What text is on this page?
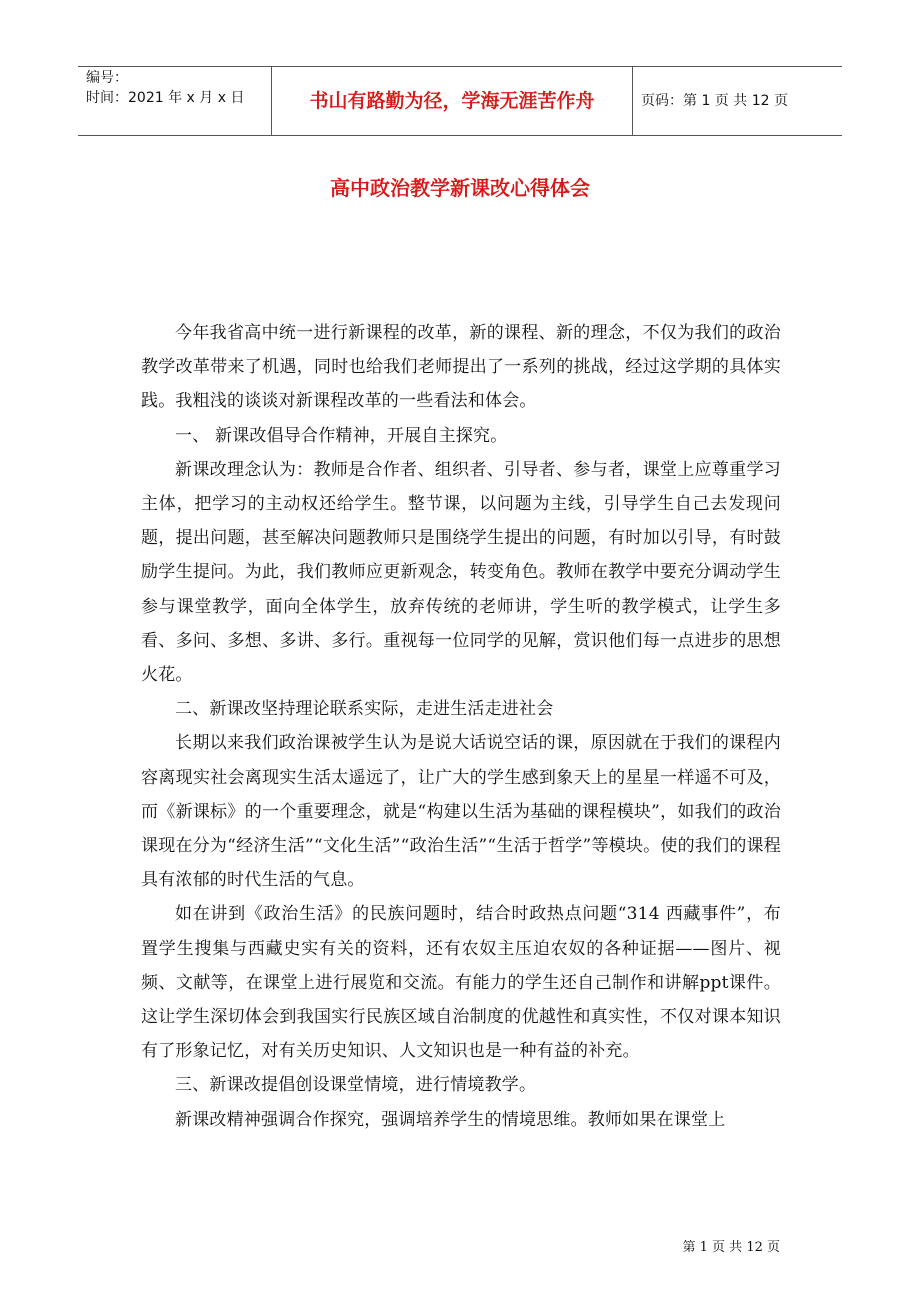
编号：
时间：2021 年 x 月 x 日	书山有路勤为径，学海无涯苦作舟	页码：第 1 页 共 12 页
高中政治教学新课改心得体会

今年我省高中统一进行新课程的改革，新的课程、新的理念，不仅为我们的政治教学改革带来了机遇，同时也给我们老师提出了一系列的挑战，经过这学期的具体实践。我粗浅的谈谈对新课程改革的一些看法和体会。

一、 新课改倡导合作精神，开展自主探究。

新课改理念认为：教师是合作者、组织者、引导者、参与者，课堂上应尊重学习主体，把学习的主动权还给学生。整节课，以问题为主线，引导学生自己去发现问题，提出问题，甚至解决问题教师只是围绕学生提出的问题，有时加以引导，有时鼓励学生提问。为此，我们教师应更新观念，转变角色。教师在教学中要充分调动学生参与课堂教学，面向全体学生，放弃传统的老师讲，学生听的教学模式，让学生多看、多问、多想、多讲、多行。重视每一位同学的见解，赏识他们每一点进步的思想火花。

二、新课改坚持理论联系实际，走进生活走进社会

长期以来我们政治课被学生认为是说大话说空话的课，原因就在于我们的课程内容离现实社会离现实生活太遥远了，让广大的学生感到象天上的星星一样遥不可及，而《新课标》的一个重要理念，就是“构建以生活为基础的课程模块”，如我们的政治课现在分为“经济生活”“文化生活”“政治生活”“生活于哲学”等模块。使的我们的课程具有浓郁的时代生活的气息。

如在讲到《政治生活》的民族问题时，结合时政热点问题“314 西藏事件”，布置学生搜集与西藏史实有关的资料，还有农奴主压迫农奴的各种证据——图片、视频、文献等，在课堂上进行展览和交流。有能力的学生还自己制作和讲解ppt课件。这让学生深切体会到我国实行民族区域自治制度的优越性和真实性，不仅对课本知识有了形象记忆，对有关历史知识、人文知识也是一种有益的补充。

三、新课改提倡创设课堂情境，进行情境教学。

新课改精神强调合作探究，强调培养学生的情境思维。教师如果在课堂上

第 1 页 共 12 页
